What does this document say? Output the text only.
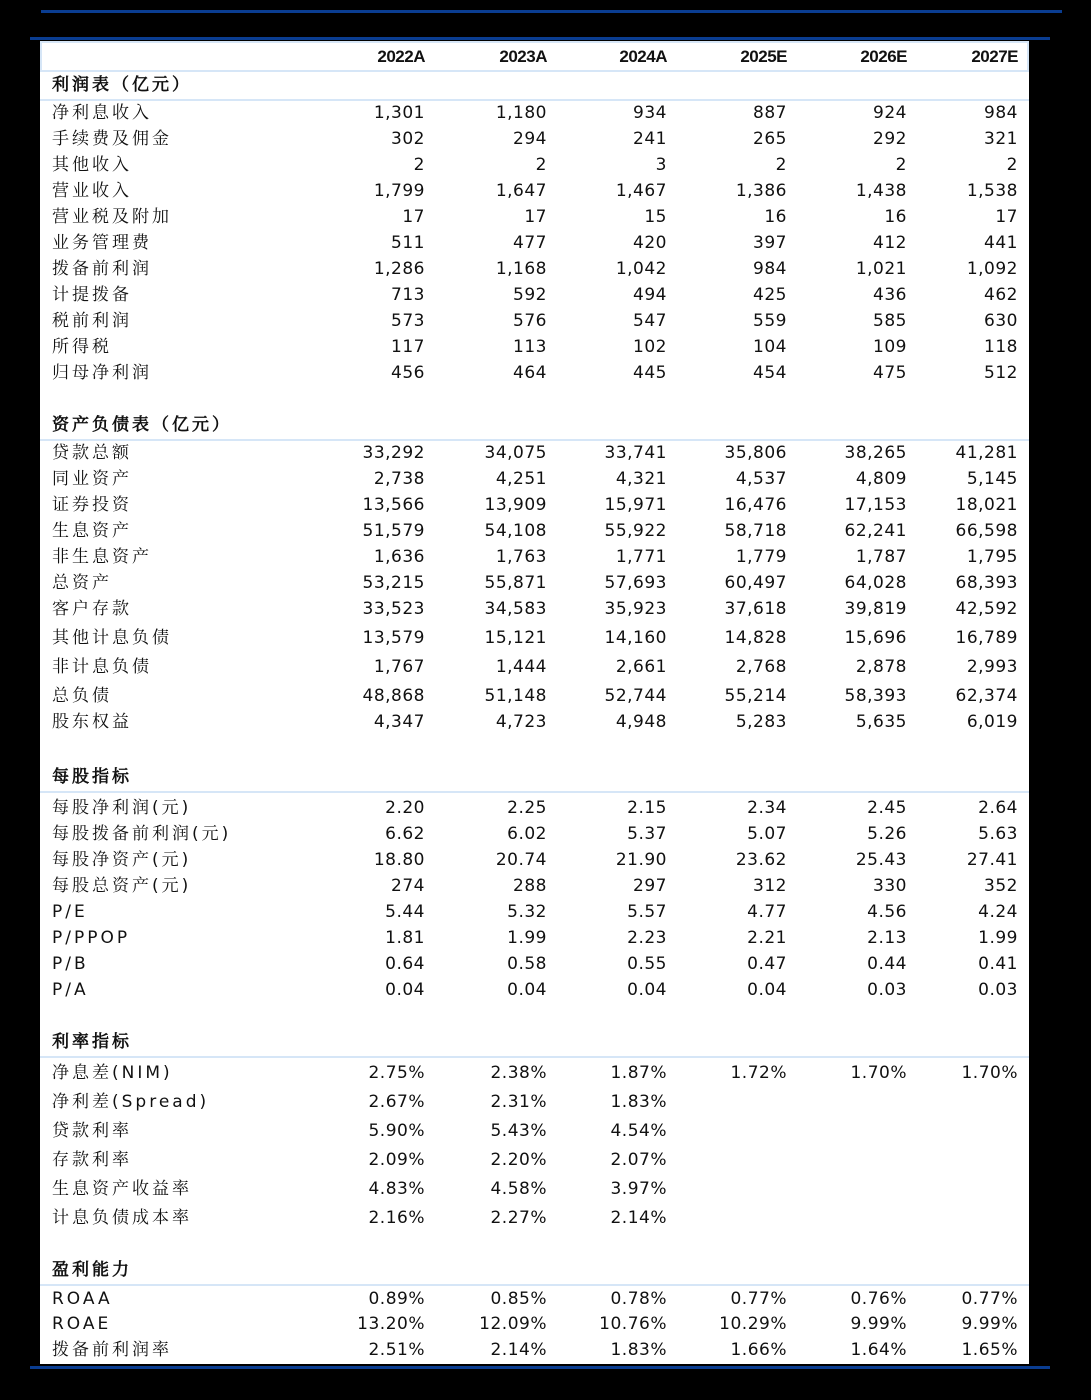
2022A	2023A	2024A	2025E	2026E	2027E
利润表（亿元）
净利息收入	1,301	1,180	934	887	924	984
手续费及佣金	302	294	241	265	292	321
其他收入	2	2	3	2	2	2
营业收入	1,799	1,647	1,467	1,386	1,438	1,538
营业税及附加	17	17	15	16	16	17
业务管理费	511	477	420	397	412	441
拨备前利润	1,286	1,168	1,042	984	1,021	1,092
计提拨备	713	592	494	425	436	462
税前利润	573	576	547	559	585	630
所得税	117	113	102	104	109	118
归母净利润	456	464	445	454	475	512
资产负债表（亿元）
贷款总额	33,292	34,075	33,741	35,806	38,265	41,281
同业资产	2,738	4,251	4,321	4,537	4,809	5,145
证券投资	13,566	13,909	15,971	16,476	17,153	18,021
生息资产	51,579	54,108	55,922	58,718	62,241	66,598
非生息资产	1,636	1,763	1,771	1,779	1,787	1,795
总资产	53,215	55,871	57,693	60,497	64,028	68,393
客户存款	33,523	34,583	35,923	37,618	39,819	42,592
其他计息负债	13,579	15,121	14,160	14,828	15,696	16,789
非计息负债	1,767	1,444	2,661	2,768	2,878	2,993
总负债	48,868	51,148	52,744	55,214	58,393	62,374
股东权益	4,347	4,723	4,948	5,283	5,635	6,019
每股指标
每股净利润(元)	2.20	2.25	2.15	2.34	2.45	2.64
每股拨备前利润(元)	6.62	6.02	5.37	5.07	5.26	5.63
每股净资产(元)	18.80	20.74	21.90	23.62	25.43	27.41
每股总资产(元)	274	288	297	312	330	352
P/E	5.44	5.32	5.57	4.77	4.56	4.24
P/PPOP	1.81	1.99	2.23	2.21	2.13	1.99
P/B	0.64	0.58	0.55	0.47	0.44	0.41
P/A	0.04	0.04	0.04	0.04	0.03	0.03
利率指标
净息差(NIM)	2.75%	2.38%	1.87%	1.72%	1.70%	1.70%
净利差(Spread)	2.67%	2.31%	1.83%
贷款利率	5.90%	5.43%	4.54%
存款利率	2.09%	2.20%	2.07%
生息资产收益率	4.83%	4.58%	3.97%
计息负债成本率	2.16%	2.27%	2.14%
盈利能力
ROAA	0.89%	0.85%	0.78%	0.77%	0.76%	0.77%
ROAE	13.20%	12.09%	10.76%	10.29%	9.99%	9.99%
拨备前利润率	2.51%	2.14%	1.83%	1.66%	1.64%	1.65%
